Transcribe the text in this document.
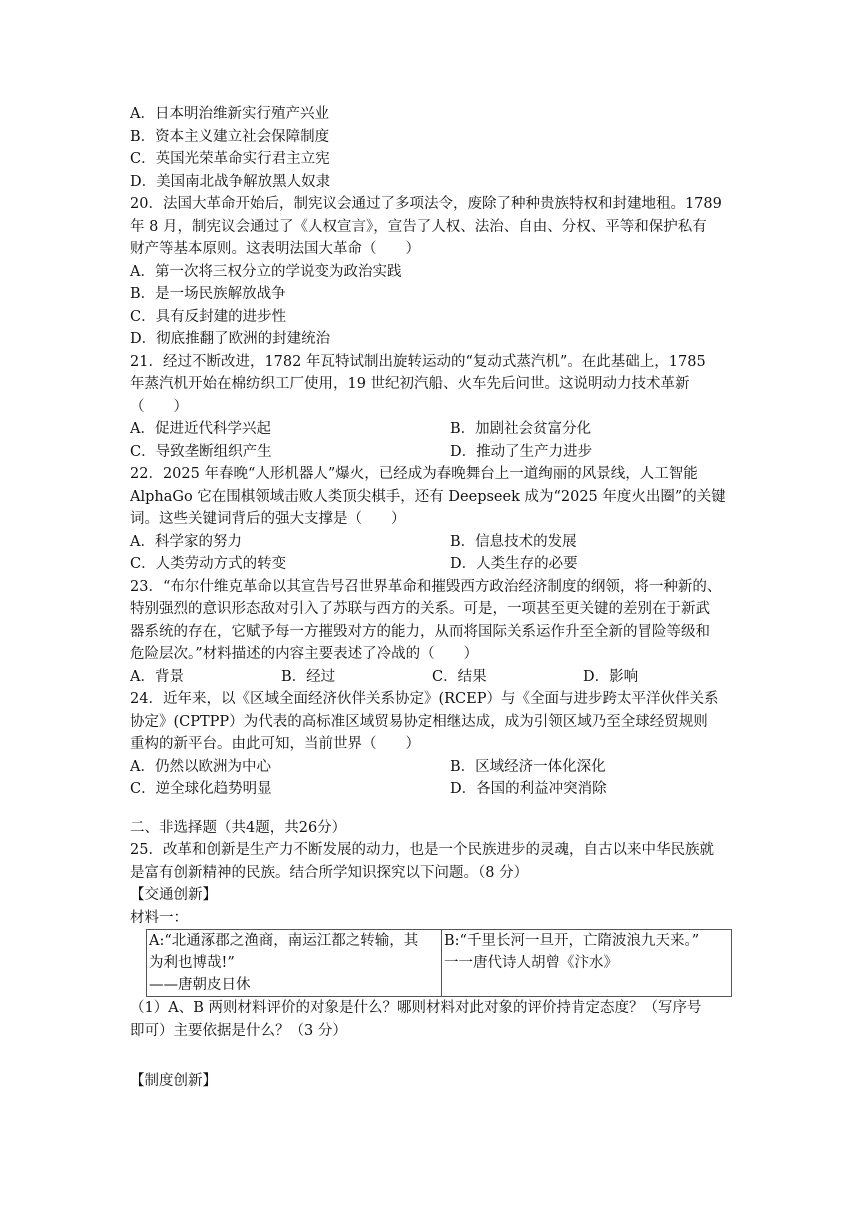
A．日本明治维新实行殖产兴业
B．资本主义建立社会保障制度
C．英国光荣革命实行君主立宪
D．美国南北战争解放黑人奴隶
20．法国大革命开始后，制宪议会通过了多项法令，废除了种种贵族特权和封建地租。1789
年 8 月，制宪议会通过了《人权宣言》，宣告了人权、法治、自由、分权、平等和保护私有
财产等基本原则。这表明法国大革命（　　）
A．第一次将三权分立的学说变为政治实践
B．是一场民族解放战争
C．具有反封建的进步性
D．彻底推翻了欧洲的封建统治
21．经过不断改进，1782 年瓦特试制出旋转运动的“复动式蒸汽机”。在此基础上，1785
年蒸汽机开始在棉纺织工厂使用，19 世纪初汽船、火车先后问世。这说明动力技术革新
（　　）
A．促进近代科学兴起	B．加剧社会贫富分化
C．导致垄断组织产生	D．推动了生产力进步
22．2025 年春晚“人形机器人”爆火，已经成为春晚舞台上一道绚丽的风景线，人工智能
AlphaGo 它在围棋领域击败人类顶尖棋手，还有 Deepseek 成为“2025 年度火出圈”的关键
词。这些关键词背后的强大支撑是（　　）
A．科学家的努力	B．信息技术的发展
C．人类劳动方式的转变	D．人类生存的必要
23．“布尔什维克革命以其宣告号召世界革命和摧毁西方政治经济制度的纲领，将一种新的、
特别强烈的意识形态敌对引入了苏联与西方的关系。可是，一项甚至更关键的差别在于新武
器系统的存在，它赋予每一方摧毁对方的能力，从而将国际关系运作升至全新的冒险等级和
危险层次。”材料描述的内容主要表述了冷战的（　　）
A．背景	B．经过	C．结果	D．影响
24．近年来，以《区域全面经济伙伴关系协定》(RCEP）与《全面与进步跨太平洋伙伴关系
协定》(CPTPP）为代表的高标准区域贸易协定相继达成，成为引领区域乃至全球经贸规则
重构的新平台。由此可知，当前世界（　　）
A．仍然以欧洲为中心	B．区域经济一体化深化
C．逆全球化趋势明显	D．各国的利益冲突消除
二、非选择题（共4题，共26分）
25．改革和创新是生产力不断发展的动力，也是一个民族进步的灵魂，自古以来中华民族就
是富有创新精神的民族。结合所学知识探究以下问题。（8 分）
【交通创新】
材料一：
A:“北通涿郡之渔商，南运江都之转输，其
为利也博哉!”
——唐朝皮日休

B:“千里长河一旦开，亡隋波浪九天来。”
一一唐代诗人胡曾《汴水》
（1）A、B 两则材料评价的对象是什么？哪则材料对此对象的评价持肯定态度？（写序号
即可）主要依据是什么？（3 分）
【制度创新】
